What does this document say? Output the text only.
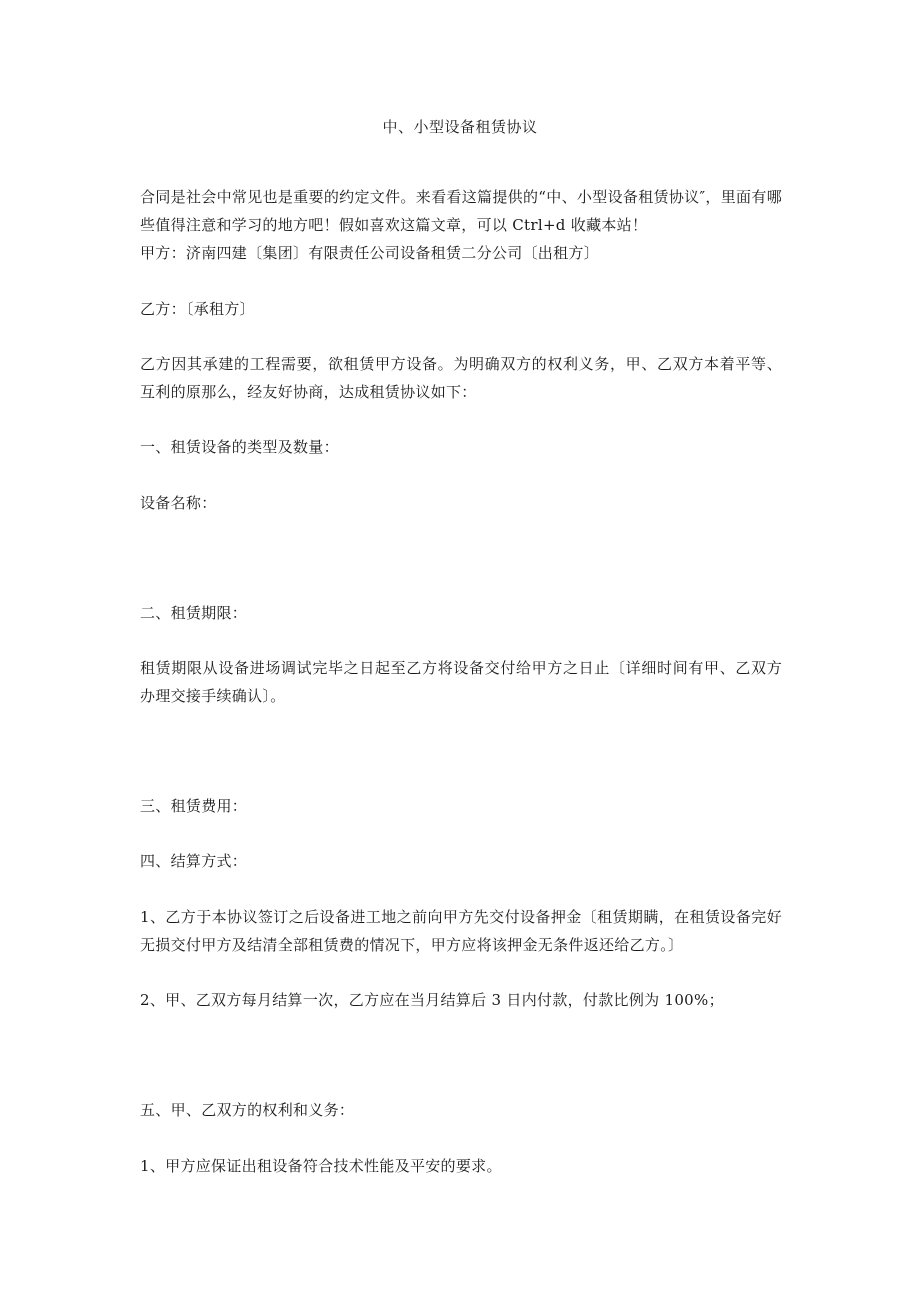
中、小型设备租赁协议

合同是社会中常见也是重要的约定文件。来看看这篇提供的“中、小型设备租赁协议″，里面有哪些值得注意和学习的地方吧！假如喜欢这篇文章，可以 Ctrl+d 收藏本站！

甲方：济南四建〔集团〕有限责任公司设备租赁二分公司〔出租方〕

乙方：〔承租方〕

乙方因其承建的工程需要，欲租赁甲方设备。为明确双方的权利义务，甲、乙双方本着平等、互利的原那么，经友好协商，达成租赁协议如下：

一、租赁设备的类型及数量：

设备名称：

二、租赁期限：

租赁期限从设备进场调试完毕之日起至乙方将设备交付给甲方之日止〔详细时间有甲、乙双方办理交接手续确认〕。

三、租赁费用：

四、结算方式：

1、乙方于本协议签订之后设备进工地之前向甲方先交付设备押金〔租赁期瞒，在租赁设备完好无损交付甲方及结清全部租赁费的情况下，甲方应将该押金无条件返还给乙方。〕

2、甲、乙双方每月结算一次，乙方应在当月结算后 3 日内付款，付款比例为 100%；

五、甲、乙双方的权利和义务：

1、甲方应保证出租设备符合技术性能及平安的要求。
